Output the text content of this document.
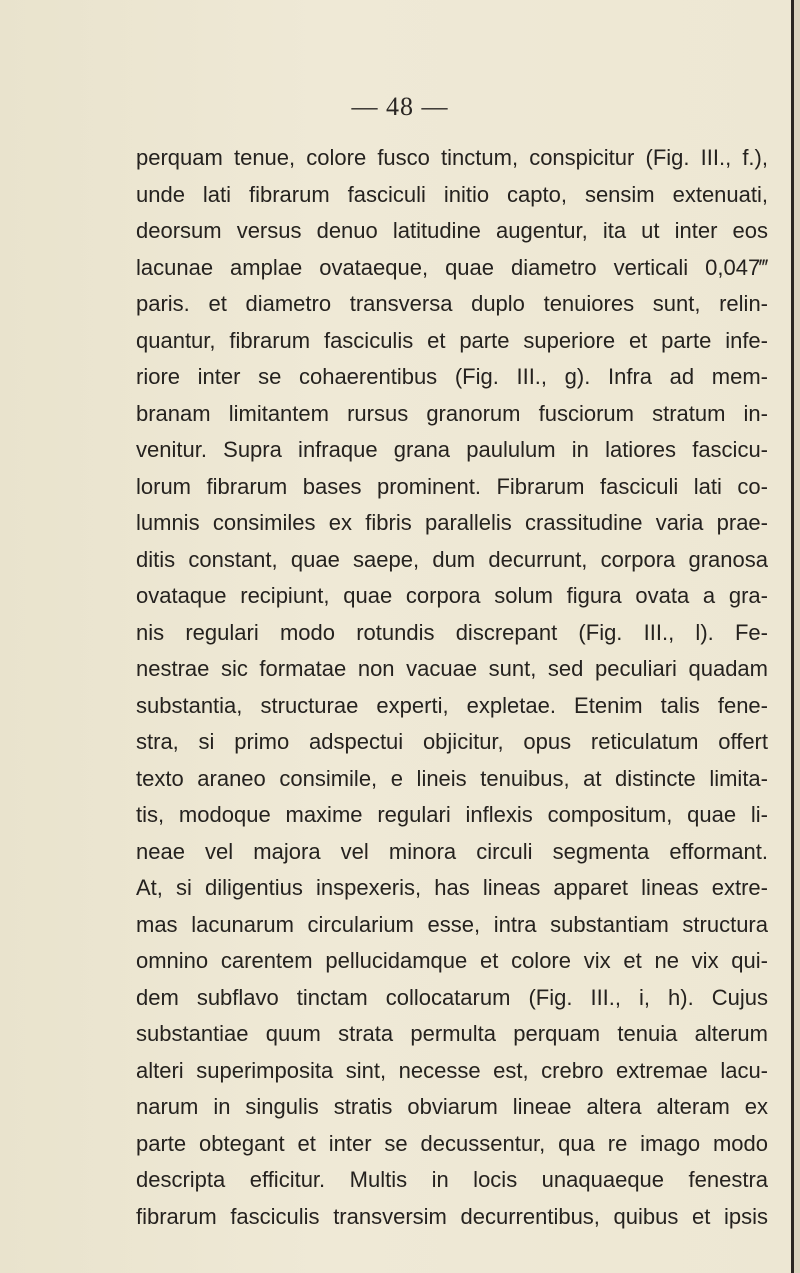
— 48 —
perquam tenue, colore fusco tinctum, conspicitur (Fig. III., f.),
unde lati fibrarum fasciculi initio capto, sensim extenuati,
deorsum versus denuo latitudine augentur, ita ut inter eos
lacunae amplae ovataeque, quae diametro verticali 0,047‴
paris. et diametro transversa duplo tenuiores sunt, relin-
quantur, fibrarum fasciculis et parte superiore et parte infe-
riore inter se cohaerentibus (Fig. III., g). Infra ad mem-
branam limitantem rursus granorum fusciorum stratum in-
venitur. Supra infraque grana paululum in latiores fascicu-
lorum fibrarum bases prominent. Fibrarum fasciculi lati co-
lumnis consimiles ex fibris parallelis crassitudine varia prae-
ditis constant, quae saepe, dum decurrunt, corpora granosa
ovataque recipiunt, quae corpora solum figura ovata a gra-
nis regulari modo rotundis discrepant (Fig. III., l). Fe-
nestrae sic formatae non vacuae sunt, sed peculiari quadam
substantia, structurae experti, expletae. Etenim talis fene-
stra, si primo adspectui objicitur, opus reticulatum offert
texto araneo consimile, e lineis tenuibus, at distincte limita-
tis, modoque maxime regulari inflexis compositum, quae li-
neae vel majora vel minora circuli segmenta efformant.
At, si diligentius inspexeris, has lineas apparet lineas extre-
mas lacunarum circularium esse, intra substantiam structura
omnino carentem pellucidamque et colore vix et ne vix qui-
dem subflavo tinctam collocatarum (Fig. III., i, h). Cujus
substantiae quum strata permulta perquam tenuia alterum
alteri superimposita sint, necesse est, crebro extremae lacu-
narum in singulis stratis obviarum lineae altera alteram ex
parte obtegant et inter se decussentur, qua re imago modo
descripta efficitur. Multis in locis unaquaeque fenestra
fibrarum fasciculis transversim decurrentibus, quibus et ipsis
